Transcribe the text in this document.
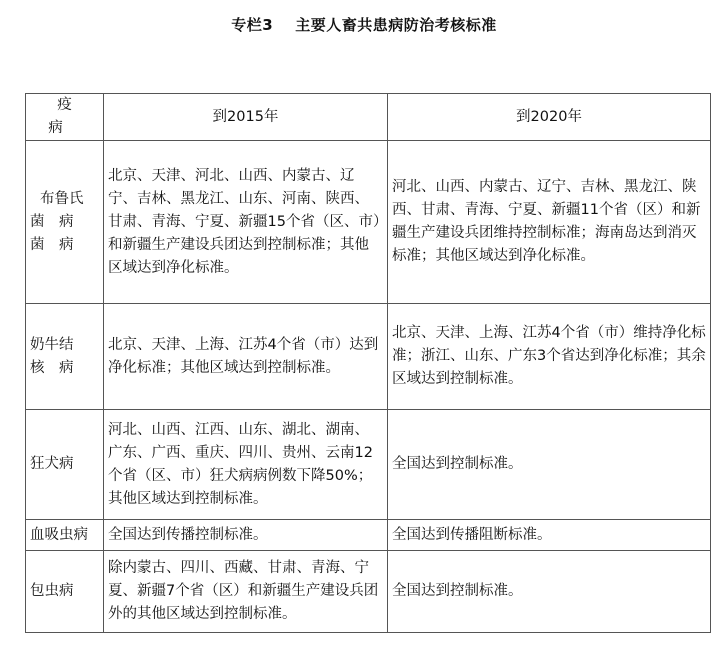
专栏3 主要人畜共患病防治考核标准
疫病	到2015年	到2020年

布鲁氏
菌　病
菌　病	北京、天津、河北、山西、内蒙古、辽宁、吉林、黑龙江、山东、河南、陕西、甘肃、青海、宁夏、新疆15个省（区、市）和新疆生产建设兵团达到控制标准；其他区域达到净化标准。	河北、山西、内蒙古、辽宁、吉林、黑龙江、陕西、甘肃、青海、宁夏、新疆11个省（区）和新疆生产建设兵团维持控制标准；海南岛达到消灭标准；其他区域达到净化标准。

奶牛结
核　病	北京、天津、上海、江苏4个省（市）达到净化标准；其他区域达到控制标准。	北京、天津、上海、江苏4个省（市）维持净化标准；浙江、山东、广东3个省达到净化标准；其余区域达到控制标准。

狂犬病	河北、山西、江西、山东、湖北、湖南、广东、广西、重庆、四川、贵州、云南12个省（区、市）狂犬病病例数下降50%；其他区域达到控制标准。	全国达到控制标准。

血吸虫病	全国达到传播控制标准。	全国达到传播阻断标准。

包虫病	除内蒙古、四川、西藏、甘肃、青海、宁夏、新疆7个省（区）和新疆生产建设兵团外的其他区域达到控制标准。	全国达到控制标准。
